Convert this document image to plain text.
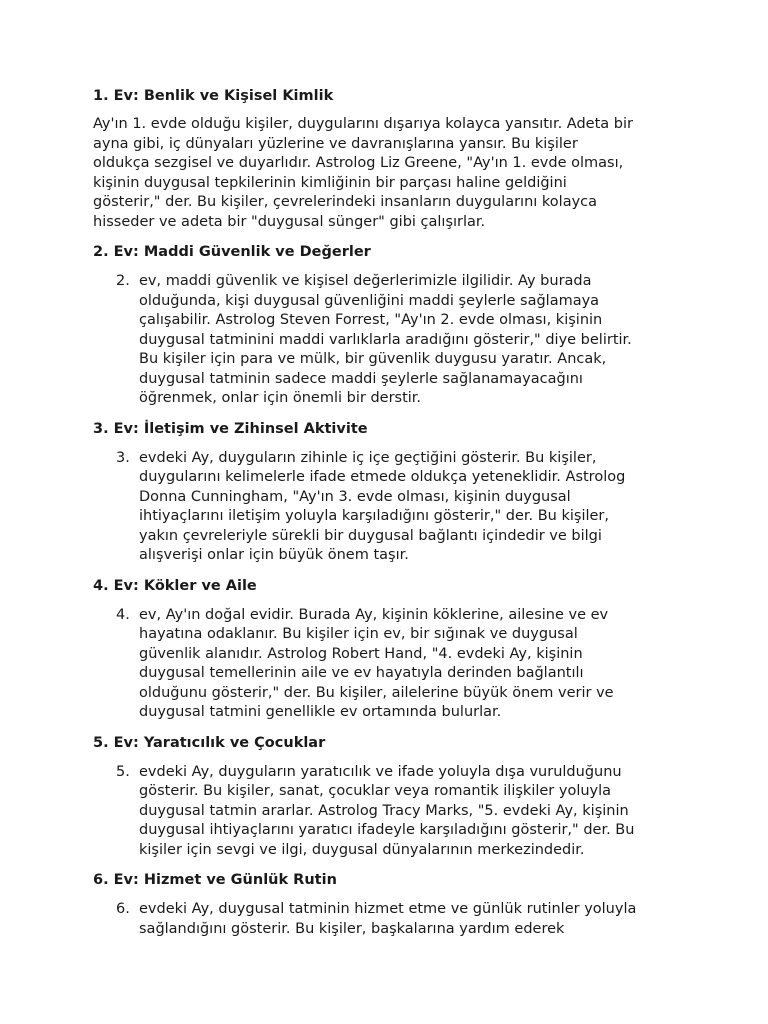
1. Ev: Benlik ve Kişisel Kimlik

Ay'ın 1. evde olduğu kişiler, duygularını dışarıya kolayca yansıtır. Adeta bir
ayna gibi, iç dünyaları yüzlerine ve davranışlarına yansır. Bu kişiler
oldukça sezgisel ve duyarlıdır. Astrolog Liz Greene, "Ay'ın 1. evde olması,
kişinin duygusal tepkilerinin kimliğinin bir parçası haline geldiğini
gösterir," der. Bu kişiler, çevrelerindeki insanların duygularını kolayca
hisseder ve adeta bir "duygusal sünger" gibi çalışırlar.

2. Ev: Maddi Güvenlik ve Değerler
2. ev, maddi güvenlik ve kişisel değerlerimizle ilgilidir. Ay burada
olduğunda, kişi duygusal güvenliğini maddi şeylerle sağlamaya
çalışabilir. Astrolog Steven Forrest, "Ay'ın 2. evde olması, kişinin
duygusal tatminini maddi varlıklarla aradığını gösterir," diye belirtir.
Bu kişiler için para ve mülk, bir güvenlik duygusu yaratır. Ancak,
duygusal tatminin sadece maddi şeylerle sağlanamayacağını
öğrenmek, onlar için önemli bir derstir.
3. Ev: İletişim ve Zihinsel Aktivite
3. evdeki Ay, duyguların zihinle iç içe geçtiğini gösterir. Bu kişiler,
duygularını kelimelerle ifade etmede oldukça yeteneklidir. Astrolog
Donna Cunningham, "Ay'ın 3. evde olması, kişinin duygusal
ihtiyaçlarını iletişim yoluyla karşıladığını gösterir," der. Bu kişiler,
yakın çevreleriyle sürekli bir duygusal bağlantı içindedir ve bilgi
alışverişi onlar için büyük önem taşır.
4. Ev: Kökler ve Aile
4. ev, Ay'ın doğal evidir. Burada Ay, kişinin köklerine, ailesine ve ev
hayatına odaklanır. Bu kişiler için ev, bir sığınak ve duygusal
güvenlik alanıdır. Astrolog Robert Hand, "4. evdeki Ay, kişinin
duygusal temellerinin aile ve ev hayatıyla derinden bağlantılı
olduğunu gösterir," der. Bu kişiler, ailelerine büyük önem verir ve
duygusal tatmini genellikle ev ortamında bulurlar.
5. Ev: Yaratıcılık ve Çocuklar
5. evdeki Ay, duyguların yaratıcılık ve ifade yoluyla dışa vurulduğunu
gösterir. Bu kişiler, sanat, çocuklar veya romantik ilişkiler yoluyla
duygusal tatmin ararlar. Astrolog Tracy Marks, "5. evdeki Ay, kişinin
duygusal ihtiyaçlarını yaratıcı ifadeyle karşıladığını gösterir," der. Bu
kişiler için sevgi ve ilgi, duygusal dünyalarının merkezindedir.
6. Ev: Hizmet ve Günlük Rutin
6. evdeki Ay, duygusal tatminin hizmet etme ve günlük rutinler yoluyla
sağlandığını gösterir. Bu kişiler, başkalarına yardım ederek
